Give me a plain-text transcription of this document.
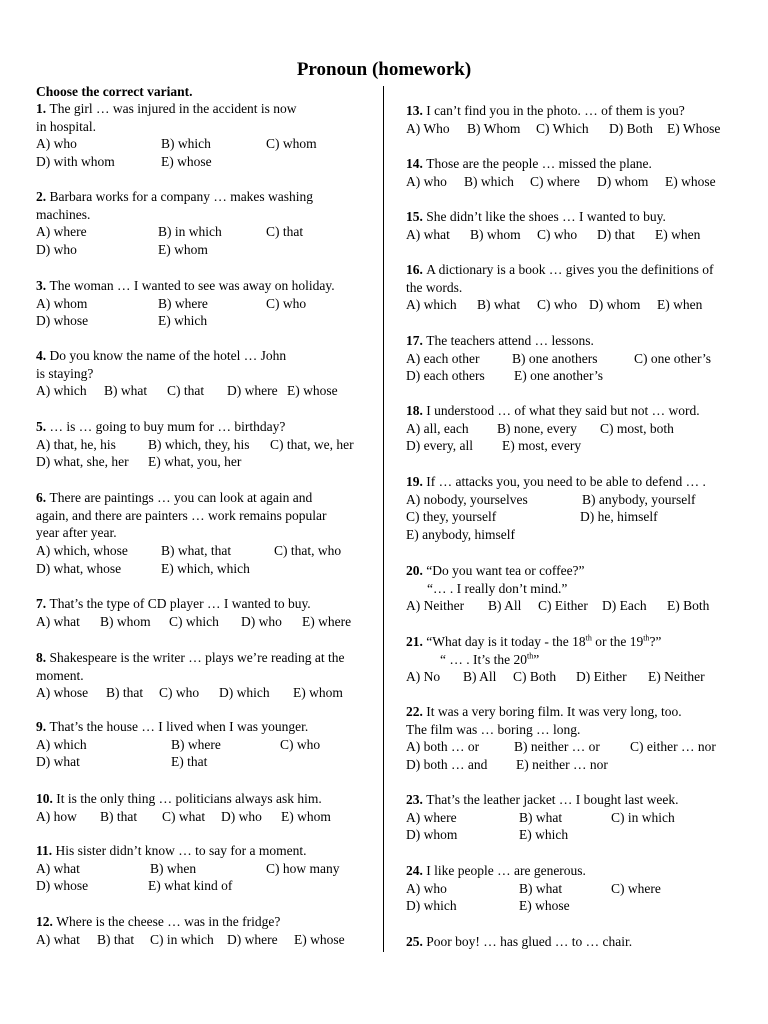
Pronoun (homework)
Choose the correct variant.
1. The girl … was injured in the accident is now
in hospital.
A) who	B) which	C) whom
D) with whom	E) whose
2. Barbara works for a company … makes washing
machines.
A) where	B) in which	C) that
D) who	E) whom
3. The woman … I wanted to see was away on holiday.
A) whom	B) where	C) who
D) whose	E) which
4. Do you know the name of the hotel … John
is staying?
A) which B) what C) that D) where E) whose
5. … is … going to buy mum for … birthday?
A) that, he, his B) which, they, his C) that, we, her
D) what, she, her E) what, you, her
6. There are paintings … you can look at again and
again, and there are painters … work remains popular
year after year.
A) which, whose B) what, that	C) that, who
D) what, whose	E) which, which
7. That’s the type of CD player … I wanted to buy.
A) what B) whom C) which D) who E) where
8. Shakespeare is the writer … plays we’re reading at the
moment.
A) whose B) that C) who D) which E) whom
9. That’s the house … I lived when I was younger.
A) which	B) where	C) who
D) what	E) that
10. It is the only thing … politicians always ask him.
A) how B) that C) what D) who E) whom
11. His sister didn’t know … to say for a moment.
A) what	B) when	C) how many
D) whose	E) what kind of
12. Where is the cheese … was in the fridge?
A) what B) that C) in which D) where E) whose
13. I can’t find you in the photo. … of them is you?
A) Who B) Whom C) Which D) Both E) Whose
14. Those are the people … missed the plane.
A) who B) which C) where D) whom E) whose
15. She didn’t like the shoes … I wanted to buy.
A) what B) whom C) who D) that E) when
16. A dictionary is a book … gives you the definitions of
the words.
A) which B) what C) who D) whom E) when
17. The teachers attend … lessons.
A) each other B) one anothers	C) one other’s
D) each others E) one another’s
18. I understood … of what they said but not … word.
A) all, each B) none, every C) most, both
D) every, all E) most, every
19. If … attacks you, you need to be able to defend … .
A) nobody, yourselves	B) anybody, yourself
C) they, yourself	D) he, himself
E) anybody, himself
20. “Do you want tea or coffee?”
“… . I really don’t mind.”
A) Neither B) All C) Either D) Each E) Both
21. “What day is it today - the 18th or the 19th?”
“ … . It’s the 20th”
A) No B) All C) Both D) Either E) Neither
22. It was a very boring film. It was very long, too.
The film was … boring … long.
A) both … or	B) neither … or C) either … nor
D) both … and E) neither … nor
23. That’s the leather jacket … I bought last week.
A) where	B) what	C) in which
D) whom	E) which
24. I like people … are generous.
A) who	B) what	C) where
D) which	E) whose
25. Poor boy! … has glued … to … chair.
